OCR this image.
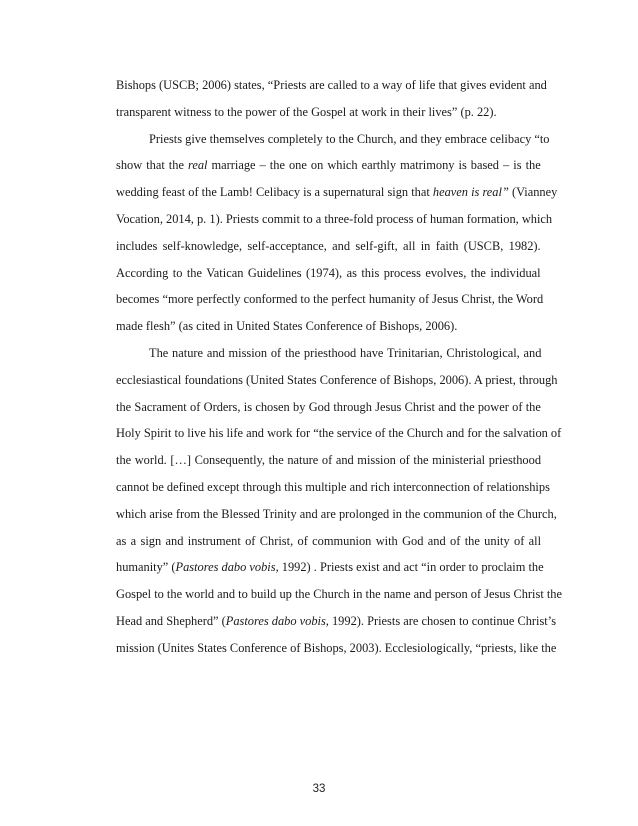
Bishops (USCB; 2006) states, “Priests are called to a way of life that gives evident and
transparent witness to the power of the Gospel at work in their lives” (p. 22).
Priests give themselves completely to the Church, and they embrace celibacy “to
show that the real marriage – the one on which earthly matrimony is based – is the
wedding feast of the Lamb! Celibacy is a supernatural sign that heaven is real” (Vianney
Vocation, 2014, p. 1). Priests commit to a three-fold process of human formation, which
includes self-knowledge, self-acceptance, and self-gift, all in faith (USCB, 1982).
According to the Vatican Guidelines (1974), as this process evolves, the individual
becomes “more perfectly conformed to the perfect humanity of Jesus Christ, the Word
made flesh” (as cited in United States Conference of Bishops, 2006).
The nature and mission of the priesthood have Trinitarian, Christological, and
ecclesiastical foundations (United States Conference of Bishops, 2006). A priest, through
the Sacrament of Orders, is chosen by God through Jesus Christ and the power of the
Holy Spirit to live his life and work for “the service of the Church and for the salvation of
the world. […] Consequently, the nature of and mission of the ministerial priesthood
cannot be defined except through this multiple and rich interconnection of relationships
which arise from the Blessed Trinity and are prolonged in the communion of the Church,
as a sign and instrument of Christ, of communion with God and of the unity of all
humanity” (Pastores dabo vobis, 1992) . Priests exist and act “in order to proclaim the
Gospel to the world and to build up the Church in the name and person of Jesus Christ the
Head and Shepherd” (Pastores dabo vobis, 1992). Priests are chosen to continue Christ’s
mission (Unites States Conference of Bishops, 2003). Ecclesiologically, “priests, like the
33
